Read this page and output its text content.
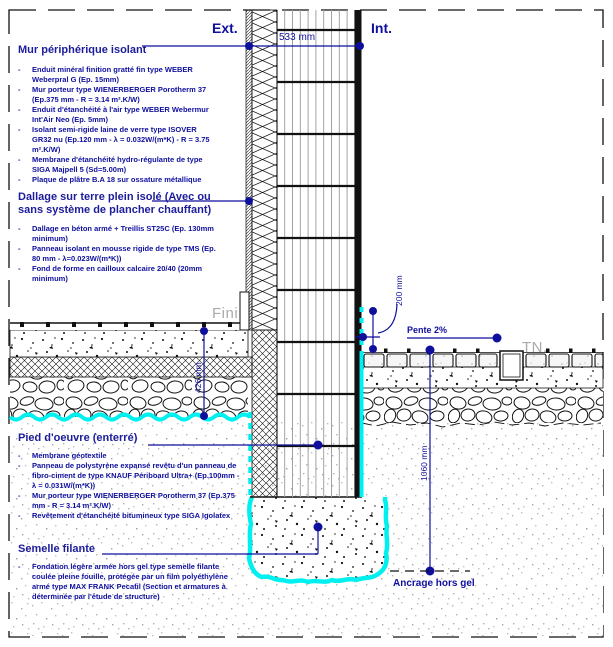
533 mm
426 mm
200 mm
1060 mm
Pente 2%
Ancrage hors gel
Fini
TN.
Ext.	Int.
Mur périphérique isolant
-	Enduit minéral finition gratté fin type WEBER Weberpral G (Ep. 15mm)
-	Mur porteur type WIENERBERGER Porotherm 37 (Ep.375 mm - R = 3.14 m².K/W)
-	Enduit d'étanchéité à l'air type WEBER Webermur Int'Air Neo (Ep. 5mm)
-	Isolant semi-rigide laine de verre type ISOVER GR32 nu (Ep.120 mm - λ = 0.032W/(m*K) - R = 3.75 m².K/W)
-	Membrane d'étanchéité hydro-régulante de type SIGA Majpell 5 (Sd=5.00m)
-	Plaque de plâtre B.A 18 sur ossature métallique
Dallage sur terre plein isolé (Avec ou sans système de plancher chauffant)
-	Dallage en béton armé + Treillis ST25C (Ep. 130mm minimum)
-	Panneau isolant en mousse rigide de type TMS (Ep. 80 mm - λ=0.023W/(m*K))
-	Fond de forme en cailloux calcaire 20/40 (20mm minimum)
Pied d'oeuvre (enterré)
-	Membrane géotextile
-	Panneau de polystyrène expansé revêtu d'un panneau de fibro-ciment de type KNAUF Périboard Ultra+ (Ep.100mm - λ = 0.031W/(m*K))
-	Mur porteur type WIENERBERGER Porotherm 37 (Ep.375 mm - R = 3.14 m².K/W)
-	Revêtement d'étanchéité bitumineux type SIGA Igolatex
Semelle filante
-	Fondation légère armée hors gel type semelle filante coulée pleine fouille, protégée par un film polyéthylène armé type MAX FRANK Pecafil (Section et armatures à déterminée par l'étude de structure)
